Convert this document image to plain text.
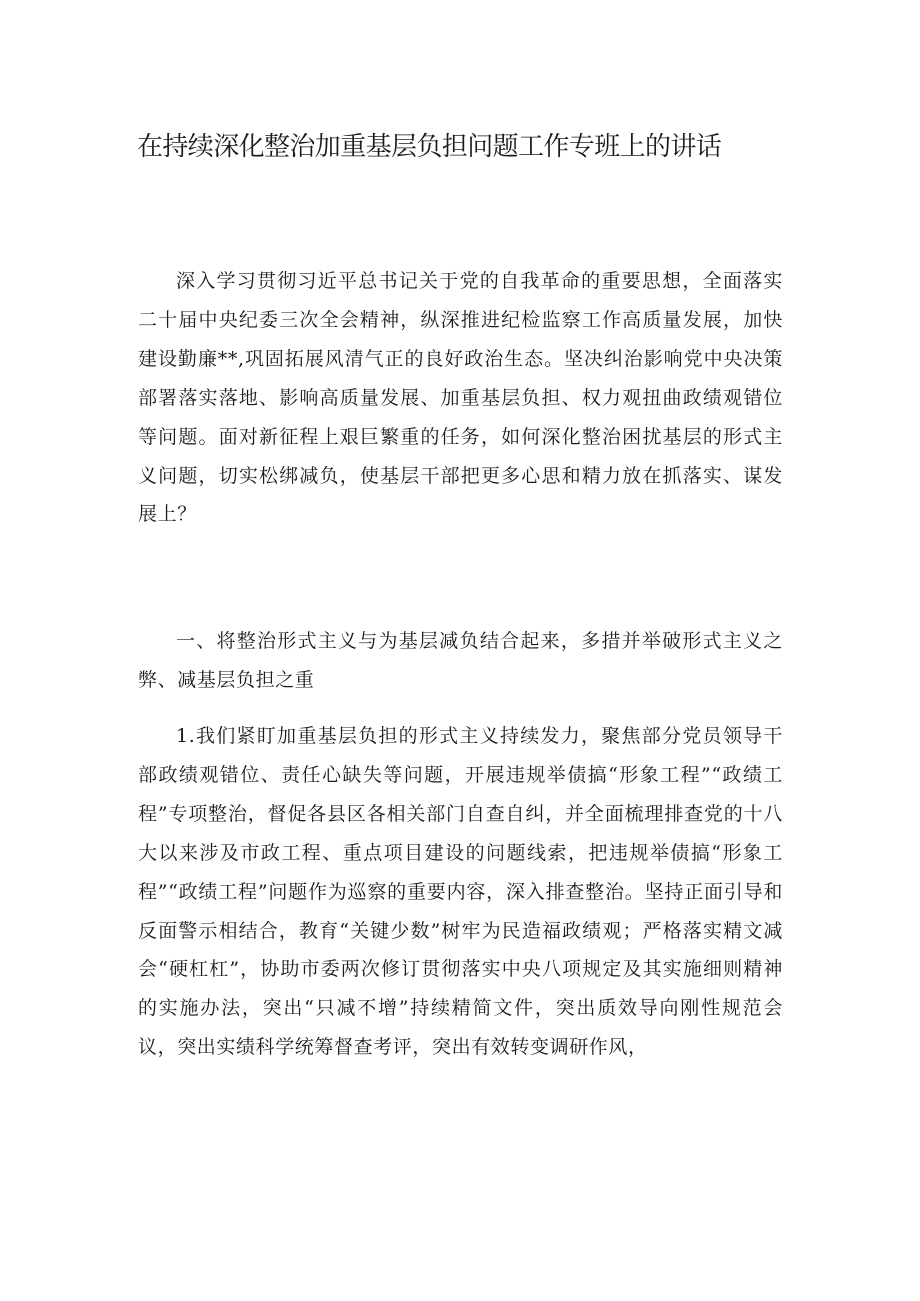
在持续深化整治加重基层负担问题工作专班上的讲话

深入学习贯彻习近平总书记关于党的自我革命的重要思想，全面落实二十届中央纪委三次全会精神，纵深推进纪检监察工作高质量发展，加快建设勤廉**,巩固拓展风清气正的良好政治生态。坚决纠治影响党中央决策部署落实落地、影响高质量发展、加重基层负担、权力观扭曲政绩观错位等问题。面对新征程上艰巨繁重的任务，如何深化整治困扰基层的形式主义问题，切实松绑减负，使基层干部把更多心思和精力放在抓落实、谋发展上？

一、将整治形式主义与为基层减负结合起来，多措并举破形式主义之弊、减基层负担之重

1.我们紧盯加重基层负担的形式主义持续发力，聚焦部分党员领导干部政绩观错位、责任心缺失等问题，开展违规举债搞“形象工程”“政绩工程”专项整治，督促各县区各相关部门自查自纠，并全面梳理排查党的十八大以来涉及市政工程、重点项目建设的问题线索，把违规举债搞“形象工程”“政绩工程”问题作为巡察的重要内容，深入排查整治。坚持正面引导和反面警示相结合，教育“关键少数”树牢为民造福政绩观；严格落实精文减会“硬杠杠”，协助市委两次修订贯彻落实中央八项规定及其实施细则精神的实施办法，突出“只减不增”持续精简文件，突出质效导向刚性规范会议，突出实绩科学统筹督查考评，突出有效转变调研作风，
